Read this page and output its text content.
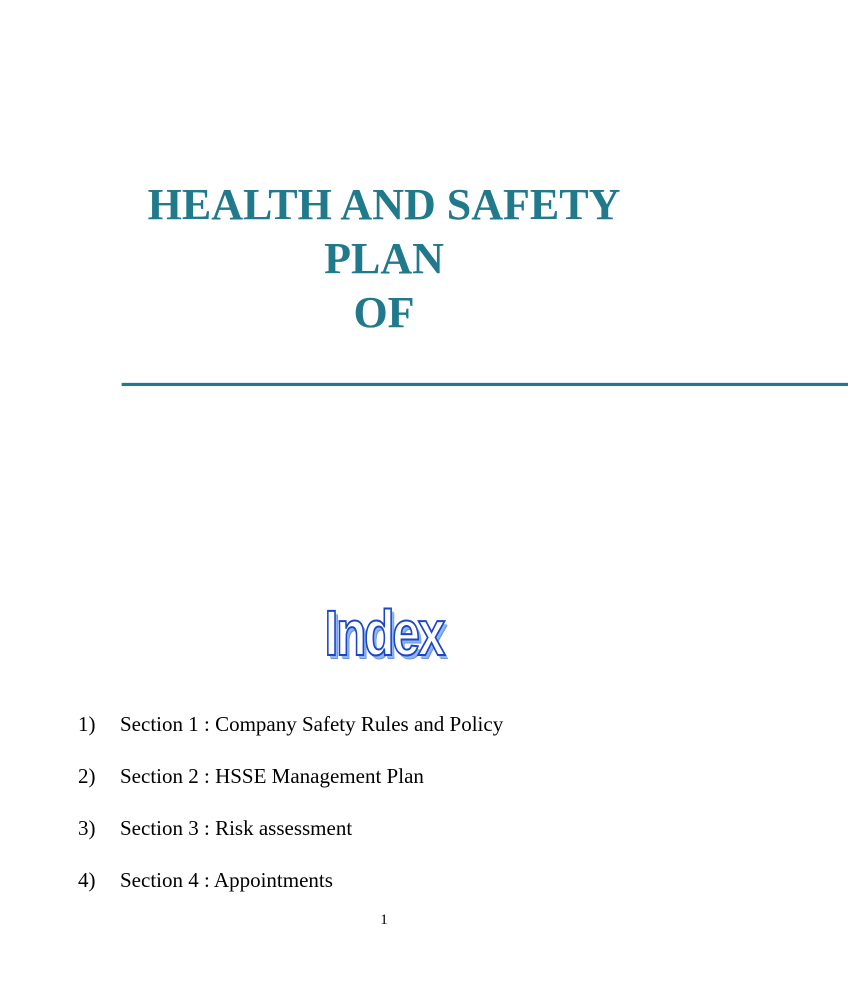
HEALTH AND SAFETY
PLAN
OF
_________________________________
Index
1)	Section 1 : Company Safety Rules and Policy
2)	Section 2 : HSSE Management Plan
3)	Section 3 : Risk assessment
4)	Section 4 : Appointments
1
